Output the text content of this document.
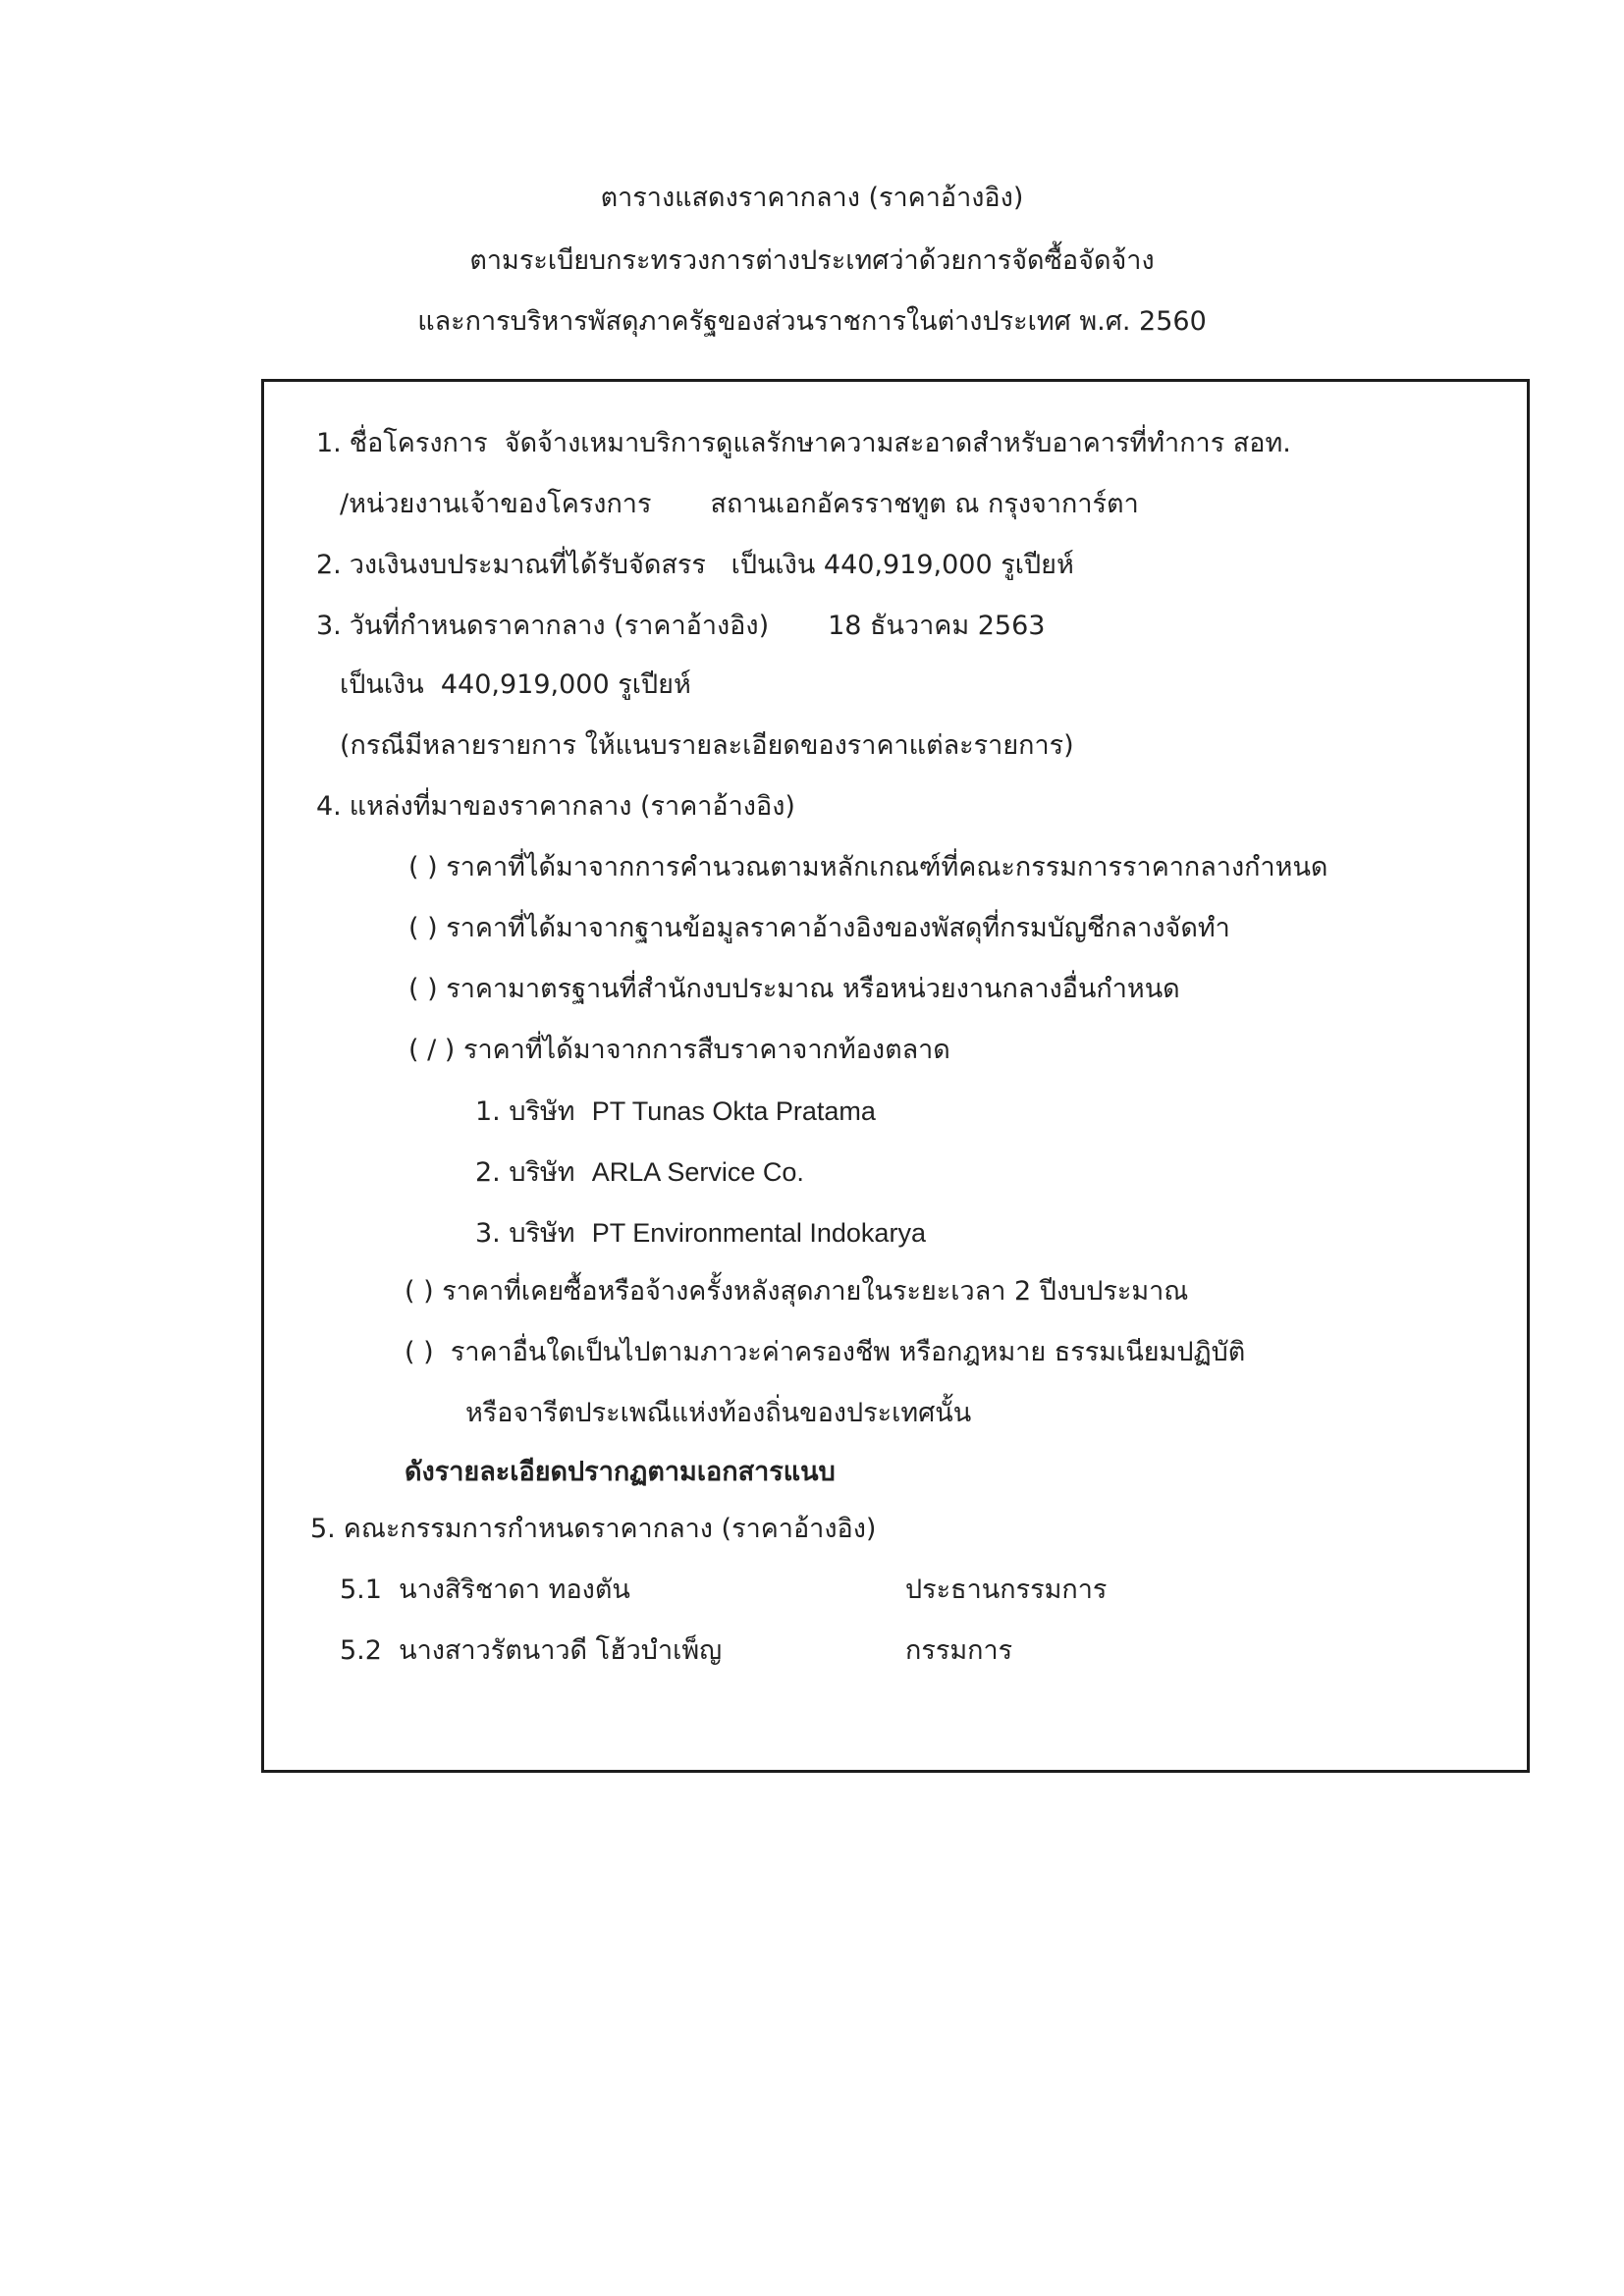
ตารางแสดงราคากลาง (ราคาอ้างอิง)
ตามระเบียบกระทรวงการต่างประเทศว่าด้วยการจัดซื้อจัดจ้าง
และการบริหารพัสดุภาครัฐของส่วนราชการในต่างประเทศ พ.ศ. 2560
1. ชื่อโครงการ จัดจ้างเหมาบริการดูแลรักษาความสะอาดสำหรับอาคารที่ทำการ สอท.
/หน่วยงานเจ้าของโครงการ สถานเอกอัครราชทูต ณ กรุงจาการ์ตา
2. วงเงินงบประมาณที่ได้รับจัดสรร เป็นเงิน 440,919,000 รูเปียห์
3. วันที่กำหนดราคากลาง (ราคาอ้างอิง) 18 ธันวาคม 2563
เป็นเงิน 440,919,000 รูเปียห์
(กรณีมีหลายรายการ ให้แนบรายละเอียดของราคาแต่ละรายการ)
4. แหล่งที่มาของราคากลาง (ราคาอ้างอิง)
( ) ราคาที่ได้มาจากการคำนวณตามหลักเกณฑ์ที่คณะกรรมการราคากลางกำหนด
( ) ราคาที่ได้มาจากฐานข้อมูลราคาอ้างอิงของพัสดุที่กรมบัญชีกลางจัดทำ
( ) ราคามาตรฐานที่สำนักงบประมาณ หรือหน่วยงานกลางอื่นกำหนด
( / ) ราคาที่ได้มาจากการสืบราคาจากท้องตลาด
1. บริษัท PT Tunas Okta Pratama
2. บริษัท ARLA Service Co.
3. บริษัท PT Environmental Indokarya
( ) ราคาที่เคยซื้อหรือจ้างครั้งหลังสุดภายในระยะเวลา 2 ปีงบประมาณ
( ) ราคาอื่นใดเป็นไปตามภาวะค่าครองชีพ หรือกฎหมาย ธรรมเนียมปฏิบัติ
หรือจารีตประเพณีแห่งท้องถิ่นของประเทศนั้น
ดังรายละเอียดปรากฏตามเอกสารแนบ
5. คณะกรรมการกำหนดราคากลาง (ราคาอ้างอิง)
5.1 นางสิริชาดา ทองตัน	ประธานกรรมการ
5.2 นางสาวรัตนาวดี โฮ้วบำเพ็ญ	กรรมการ
